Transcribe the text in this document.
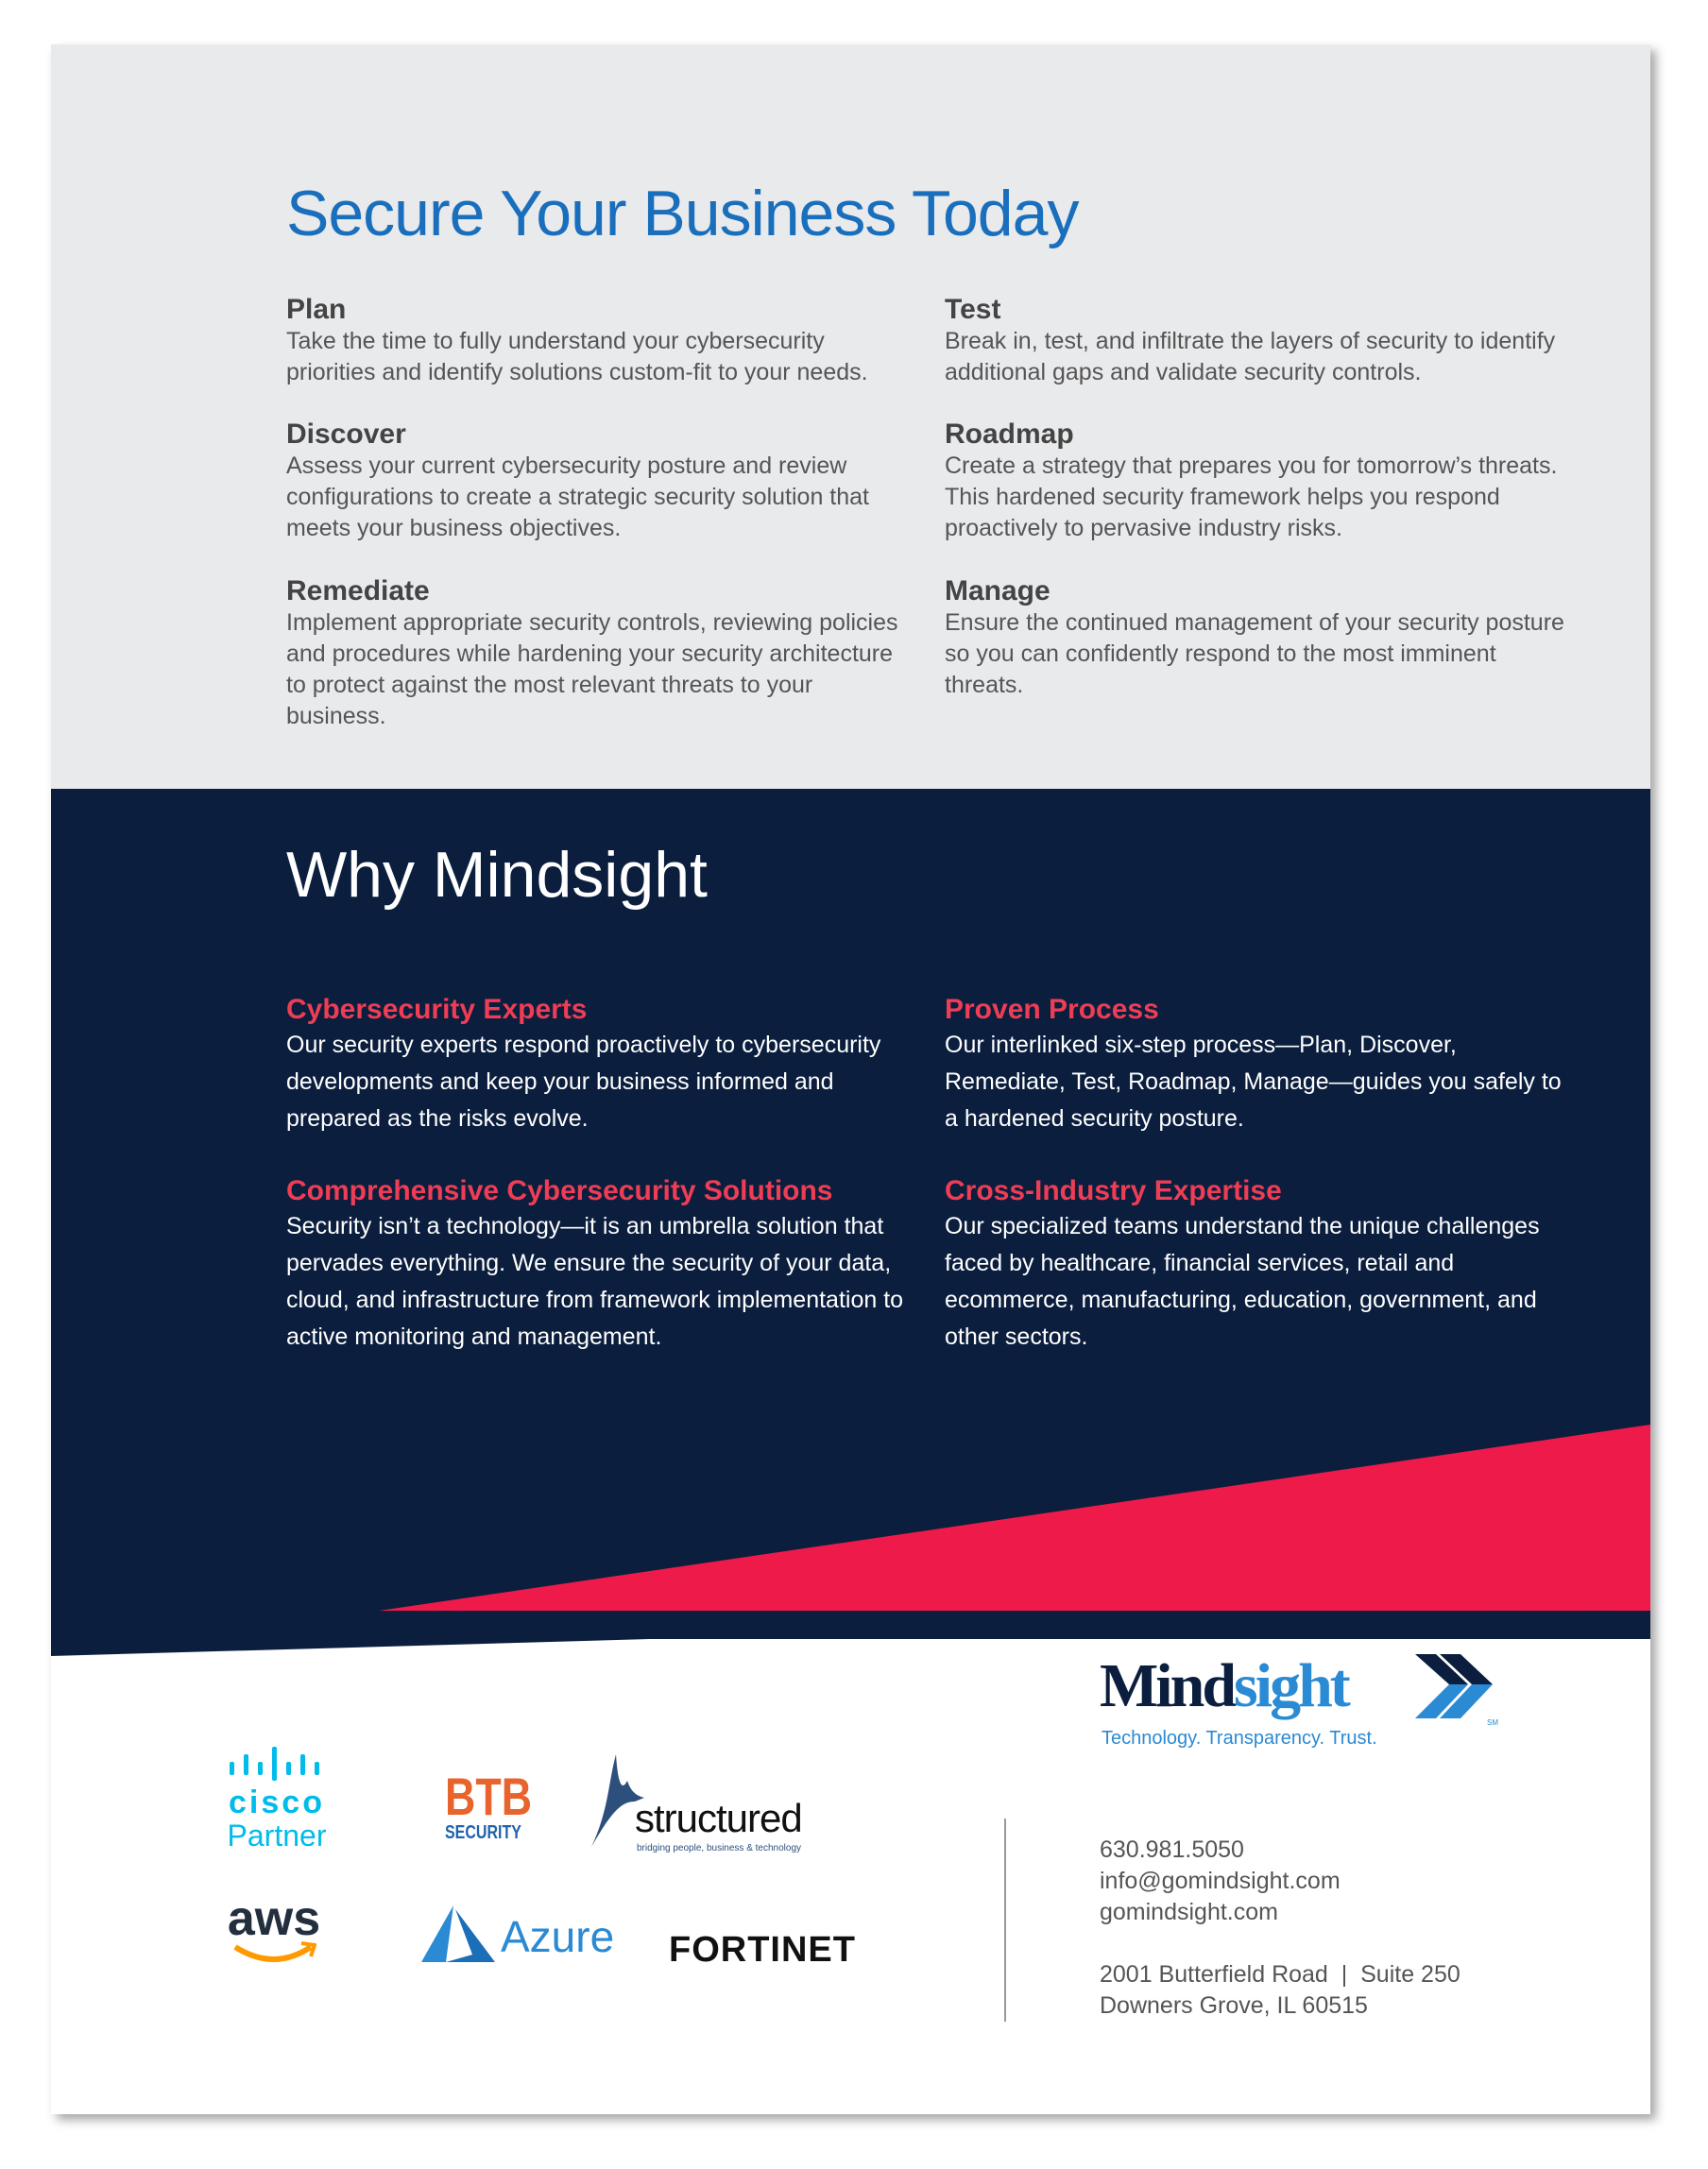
Secure Your Business Today
Plan

Take the time to fully understand your cybersecurity priorities and identify solutions custom-fit to your needs.

Discover

Assess your current cybersecurity posture and review configurations to create a strategic security solution that meets your business objectives.

Remediate

Implement appropriate security controls, reviewing policies and procedures while hardening your security architecture to protect against the most relevant threats to your business.

Test

Break in, test, and infiltrate the layers of security to identify additional gaps and validate security controls.

Roadmap

Create a strategy that prepares you for tomorrow’s threats. This hardened security framework helps you respond proactively to pervasive industry risks.

Manage

Ensure the continued management of your security posture so you can confidently respond to the most imminent threats.

Why Mindsight
Cybersecurity Experts

Our security experts respond proactively to cybersecurity developments and keep your business informed and prepared as the risks evolve.

Comprehensive Cybersecurity Solutions

Security isn’t a technology—it is an umbrella solution that pervades everything. We ensure the security of your data, cloud, and infrastructure from framework implementation to active monitoring and management.

Proven Process

Our interlinked six-step process—Plan, Discover, Remediate, Test, Roadmap, Manage—guides you safely to a hardened security posture.

Cross-Industry Expertise

Our specialized teams understand the unique challenges faced by healthcare, financial services, retail and ecommerce, manufacturing, education, government, and other sectors.

cisco
Partner
BTB
SECURITY	structured
bridging people, business & technology
aws	Azure FORTINET
Mindsight
SM
Technology. Transparency. Trust.
630.981.5050
info@gomindsight.com
gomindsight.com
2001 Butterfield Road  |  Suite 250
Downers Grove, IL 60515
